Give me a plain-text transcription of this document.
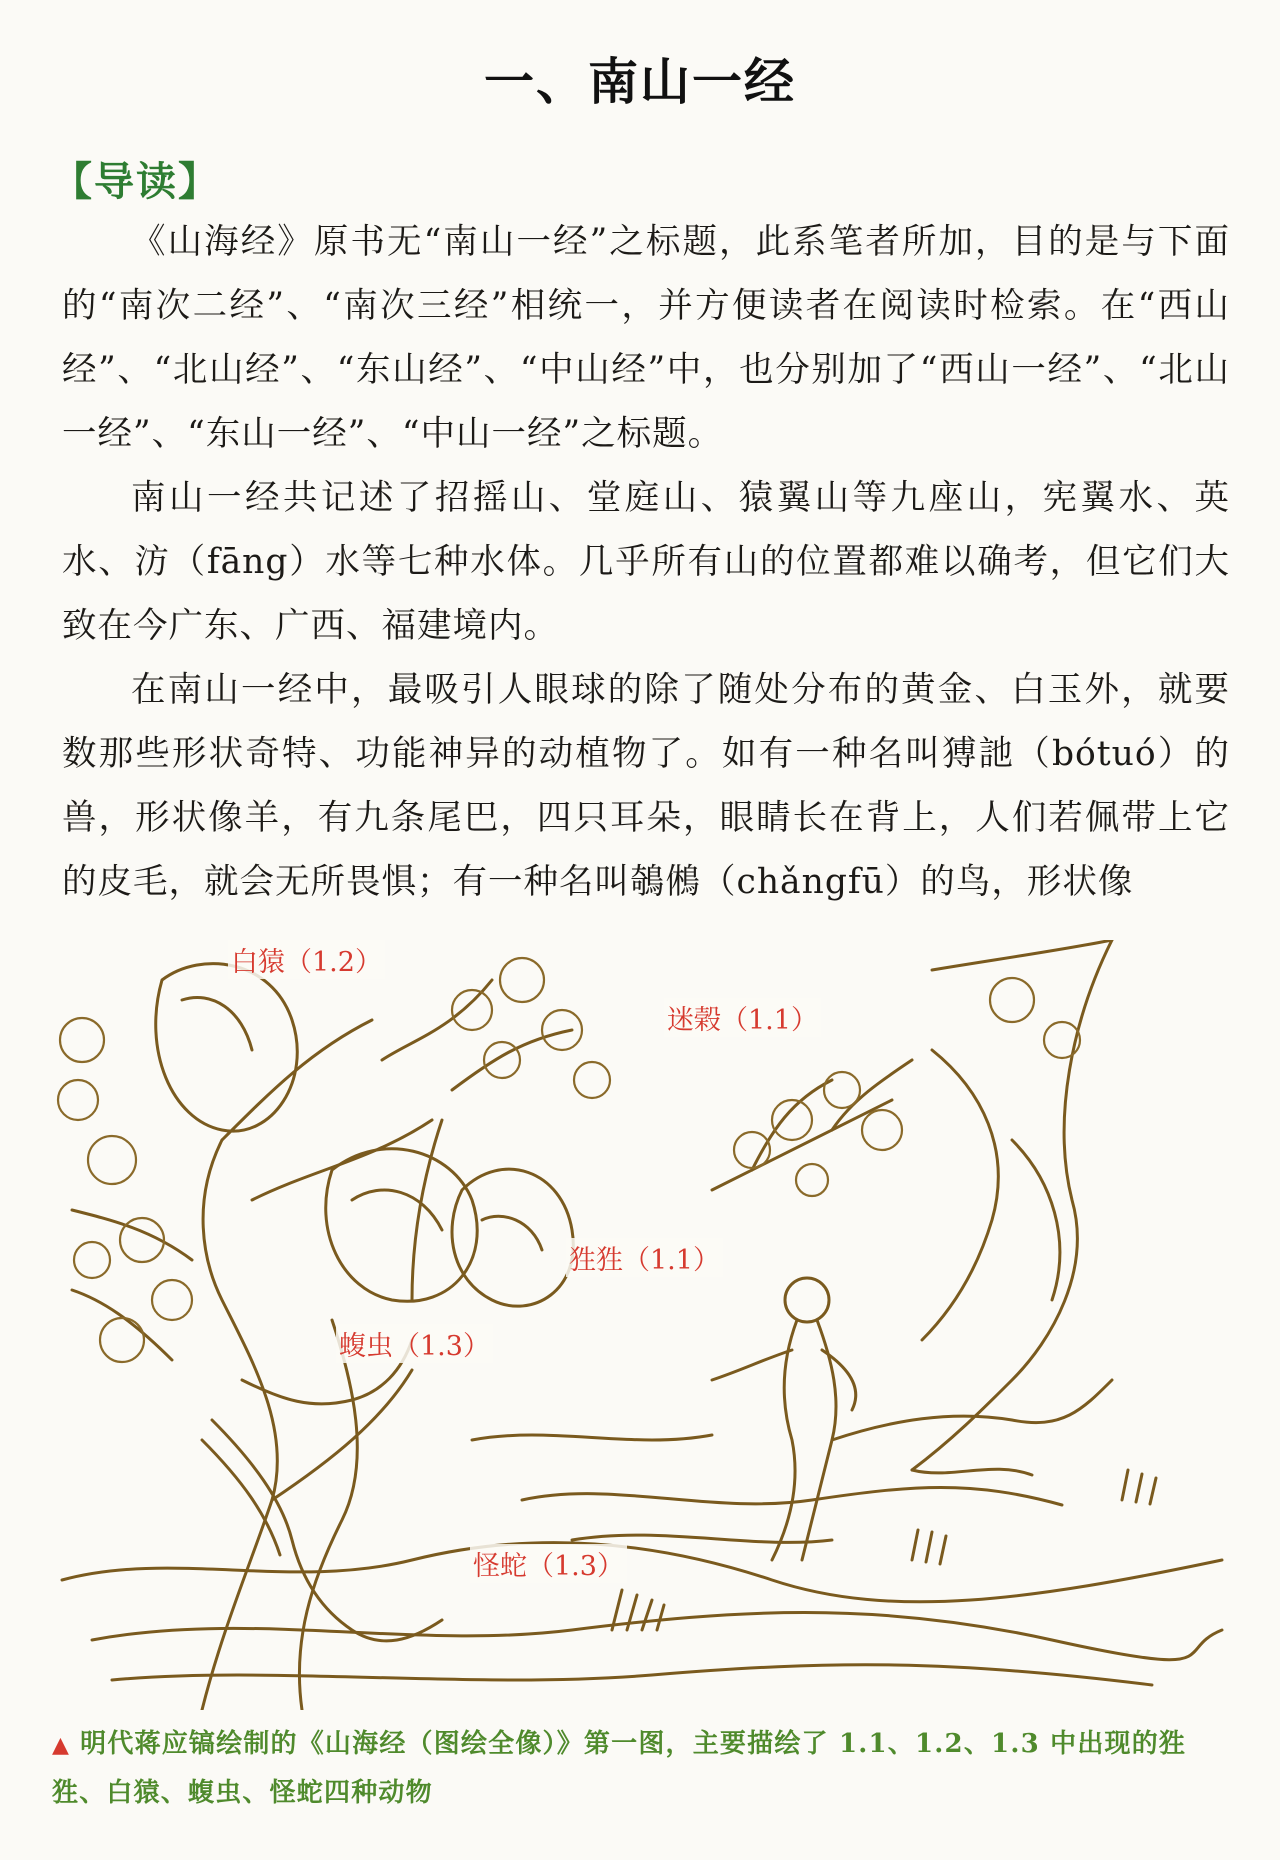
一、南山一经
【导读】

《山海经》原书无“南山一经”之标题，此系笔者所加，目的是与下面的“南次二经”、“南次三经”相统一，并方便读者在阅读时检索。在“西山经”、“北山经”、“东山经”、“中山经”中，也分别加了“西山一经”、“北山一经”、“东山一经”、“中山一经”之标题。

南山一经共记述了招摇山、堂庭山、猿翼山等九座山，宪翼水、英水、汸（fāng）水等七种水体。几乎所有山的位置都难以确考，但它们大致在今广东、广西、福建境内。

在南山一经中，最吸引人眼球的除了随处分布的黄金、白玉外，就要数那些形状奇特、功能神异的动植物了。如有一种名叫猼訑（bótuó）的兽，形状像羊，有九条尾巴，四只耳朵，眼睛长在背上，人们若佩带上它的皮毛，就会无所畏惧；有一种名叫鵸鵂（chǎngfū）的鸟，形状像

白猿（1.2）
迷榖（1.1）
狌狌（1.1）
蝮虫（1.3）
怪蛇（1.3）
▲ 明代蒋应镐绘制的《山海经（图绘全像）》第一图，主要描绘了 1.1、1.2、1.3 中出现的狌狌、白猿、蝮虫、怪蛇四种动物
